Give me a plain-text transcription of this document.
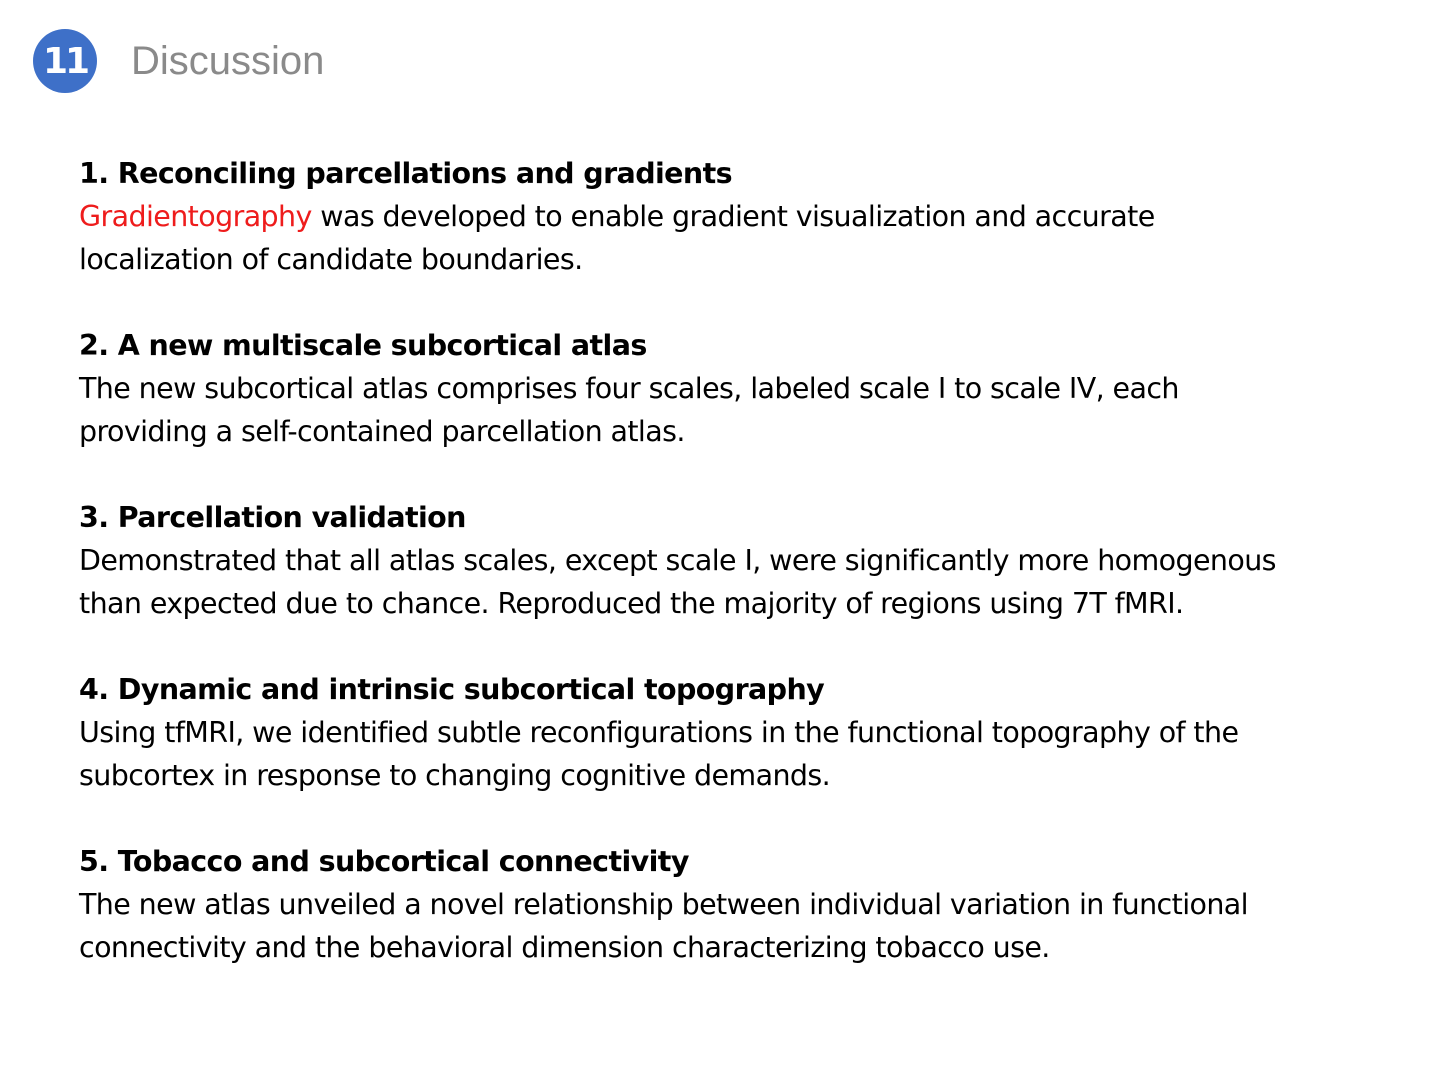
11 Discussion
1. Reconciling parcellations and gradients
Gradientography was developed to enable gradient visualization and accurate
localization of candidate boundaries.
2. A new multiscale subcortical atlas
The new subcortical atlas comprises four scales, labeled scale I to scale IV, each
providing a self-contained parcellation atlas.
3. Parcellation validation
Demonstrated that all atlas scales, except scale I, were significantly more homogenous
than expected due to chance. Reproduced the majority of regions using 7T fMRI.
4. Dynamic and intrinsic subcortical topography
Using tfMRI, we identified subtle reconfigurations in the functional topography of the
subcortex in response to changing cognitive demands.
5. Tobacco and subcortical connectivity
The new atlas unveiled a novel relationship between individual variation in functional
connectivity and the behavioral dimension characterizing tobacco use.
